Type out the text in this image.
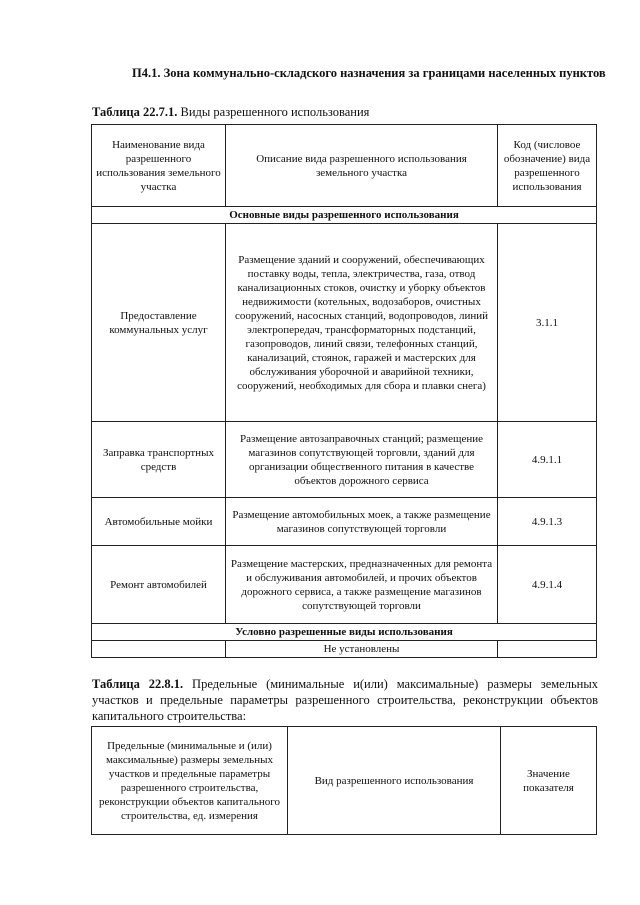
П4.1. Зона коммунально-складского назначения за границами населенных пунктов
Таблица 22.7.1. Виды разрешенного использования
Наименование вида разрешенного использования земельного участка	Описание вида разрешенного использования земельного участка	Код (числовое обозначение) вида разрешенного использования
Основные виды разрешенного использования		
Предоставление коммунальных услуг	Размещение зданий и сооружений, обеспечивающих поставку воды, тепла, электричества, газа, отвод канализационных стоков, очистку и уборку объектов недвижимости (котельных, водозаборов, очистных сооружений, насосных станций, водопроводов, линий электропередач, трансформаторных подстанций, газопроводов, линий связи, телефонных станций, канализаций, стоянок, гаражей и мастерских для обслуживания уборочной и аварийной техники, сооружений, необходимых для сбора и плавки снега)	3.1.1
Заправка транспортных средств	Размещение автозаправочных станций; размещение магазинов сопутствующей торговли, зданий для организации общественного питания в качестве объектов дорожного сервиса	4.9.1.1
Автомобильные мойки	Размещение автомобильных моек, а также размещение магазинов сопутствующей торговли	4.9.1.3
Ремонт автомобилей	Размещение мастерских, предназначенных для ремонта и обслуживания автомобилей, и прочих объектов дорожного сервиса, а также размещение магазинов сопутствующей торговли	4.9.1.4
Условно разрешенные виды использования		
	Не установлены	
Таблица 22.8.1. Предельные (минимальные и(или) максимальные) размеры земельных участков и предельные параметры разрешенного строительства, реконструкции объектов капитального строительства:
Предельные (минимальные и (или) максимальные) размеры земельных участков и предельные параметры разрешенного строительства, реконструкции объектов капитального строительства, ед. измерения	Вид разрешенного использования	Значение показателя
